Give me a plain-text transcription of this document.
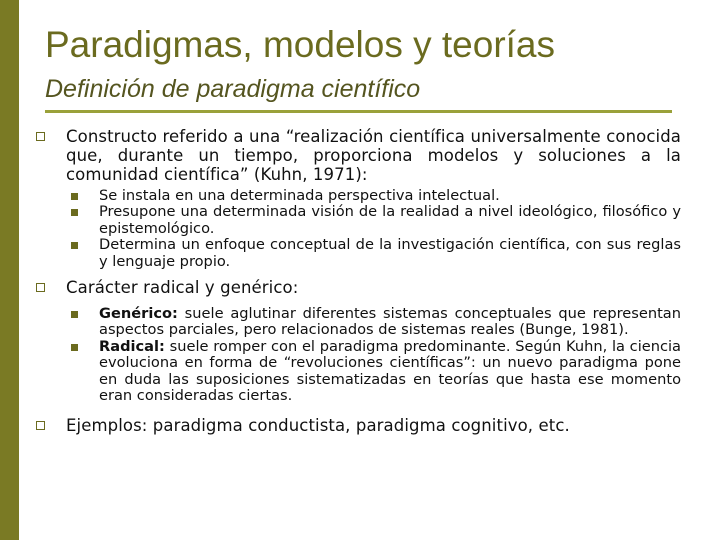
Paradigmas, modelos y teorías
Definición de paradigma científico
Constructo referido a una “realización científica universalmente conocida que, durante un tiempo, proporciona modelos y soluciones a la comunidad científica” (Kuhn, 1971):
Se instala en una determinada perspectiva intelectual.
Presupone una determinada visión de la realidad a nivel ideológico, filosófico y epistemológico.
Determina un enfoque conceptual de la investigación científica, con sus reglas y lenguaje propio.
Carácter radical y genérico:
Genérico: suele aglutinar diferentes sistemas conceptuales que representan aspectos parciales, pero relacionados de sistemas reales (Bunge, 1981).
Radical: suele romper con el paradigma predominante. Según Kuhn, la ciencia evoluciona en forma de “revoluciones científicas”: un nuevo paradigma pone en duda las suposiciones sistematizadas en teorías que hasta ese momento eran consideradas ciertas.
Ejemplos: paradigma conductista, paradigma cognitivo, etc.
